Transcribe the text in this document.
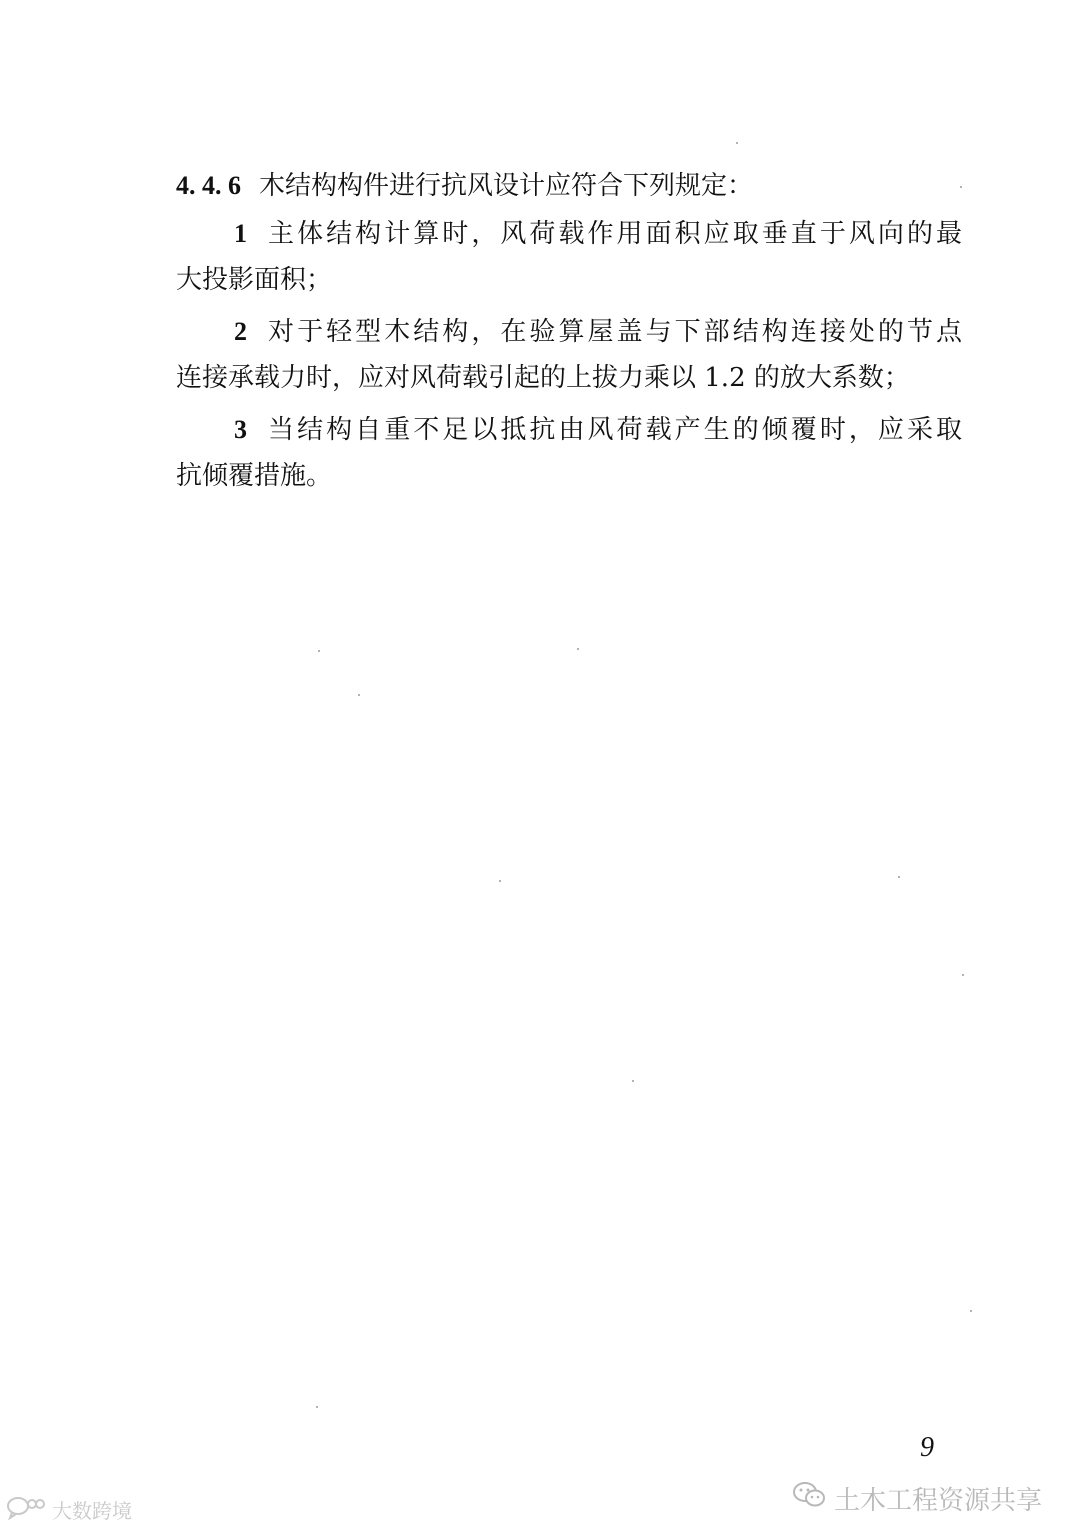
4. 4. 6 木结构构件进行抗风设计应符合下列规定：
1 主体结构计算时，风荷载作用面积应取垂直于风向的最
大投影面积；
2 对于轻型木结构，在验算屋盖与下部结构连接处的节点
连接承载力时，应对风荷载引起的上拔力乘以 1.2 的放大系数；
3 当结构自重不足以抵抗由风荷载产生的倾覆时，应采取
抗倾覆措施。
9
大数跨境	土木工程资源共享
